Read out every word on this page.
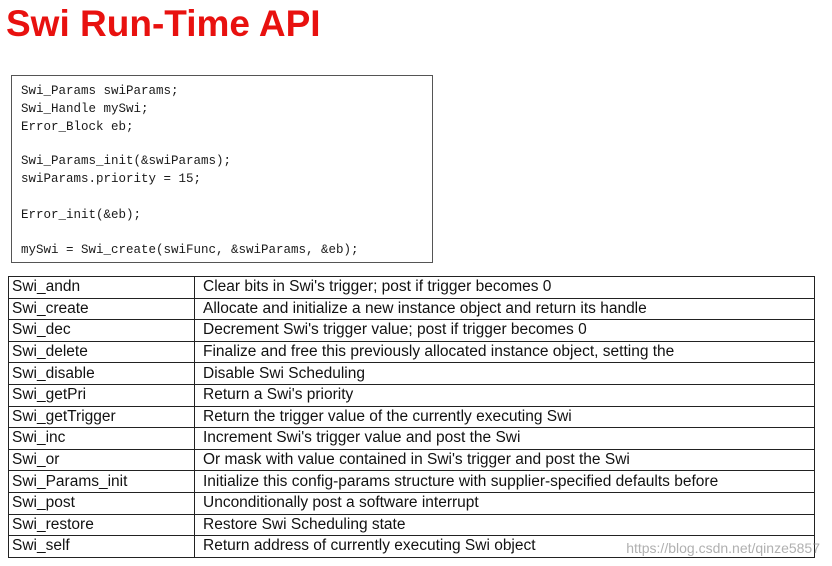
Swi Run-Time API
Swi_Params swiParams;
Swi_Handle mySwi;
Error_Block eb;
Swi_Params_init(&swiParams);
swiParams.priority = 15;
Error_init(&eb);
mySwi = Swi_create(swiFunc, &swiParams, &eb);
Swi_andn	Clear bits in Swi's trigger; post if trigger becomes 0
Swi_create	Allocate and initialize a new instance object and return its handle
Swi_dec	Decrement Swi's trigger value; post if trigger becomes 0
Swi_delete	Finalize and free this previously allocated instance object, setting the
Swi_disable	Disable Swi Scheduling
Swi_getPri	Return a Swi's priority
Swi_getTrigger	Return the trigger value of the currently executing Swi
Swi_inc	Increment Swi's trigger value and post the Swi
Swi_or	Or mask with value contained in Swi's trigger and post the Swi
Swi_Params_init	Initialize this config-params structure with supplier-specified defaults before
Swi_post	Unconditionally post a software interrupt
Swi_restore	Restore Swi Scheduling state
Swi_self	Return address of currently executing Swi object	https://blog.csdn.net/qinze5857
